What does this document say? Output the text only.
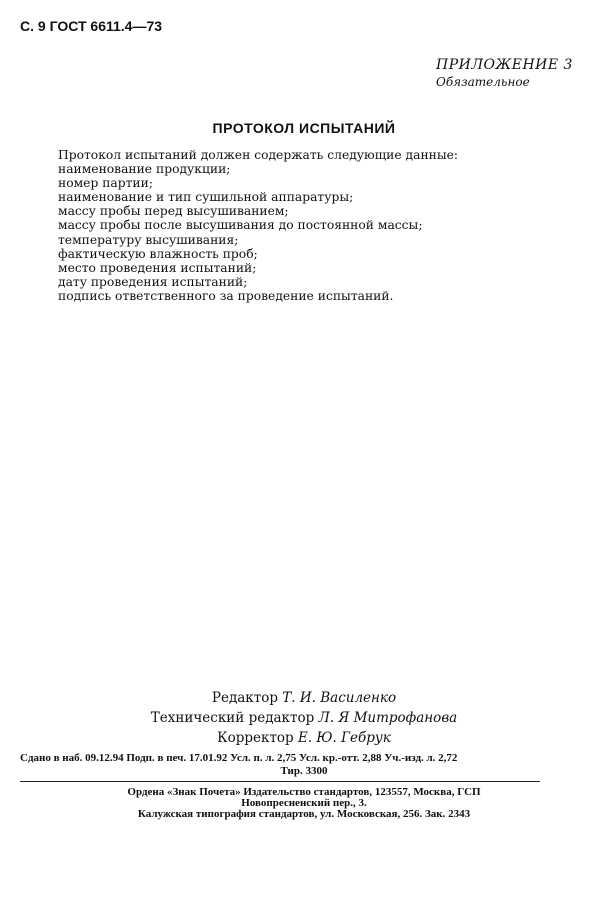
С. 9 ГОСТ 6611.4—73
ПРИЛОЖЕНИЕ 3
Обязательное
ПРОТОКОЛ ИСПЫТАНИЙ
Протокол испытаний должен содержать следующие данные:
наименование продукции;
номер партии;
наименование и тип сушильной аппаратуры;
массу пробы перед высушиванием;
массу пробы после высушивания до постоянной массы;
температуру высушивания;
фактическую влажность проб;
место проведения испытаний;
дату проведения испытаний;
подпись ответственного за проведение испытаний.
Редактор Т. И. Василенко
Технический редактор Л. Я Митрофанова
Корректор Е. Ю. Гебрук
Сдано в наб. 09.12.94 Подп. в печ. 17.01.92 Усл. п. л. 2,75 Усл. кр.-отт. 2,88 Уч.-изд. л. 2,72
Тир. 3300
Ордена «Знак Почета» Издательство стандартов, 123557, Москва, ГСП
Новопресненский пер., 3.
Калужская типография стандартов, ул. Московская, 256. Зак. 2343
